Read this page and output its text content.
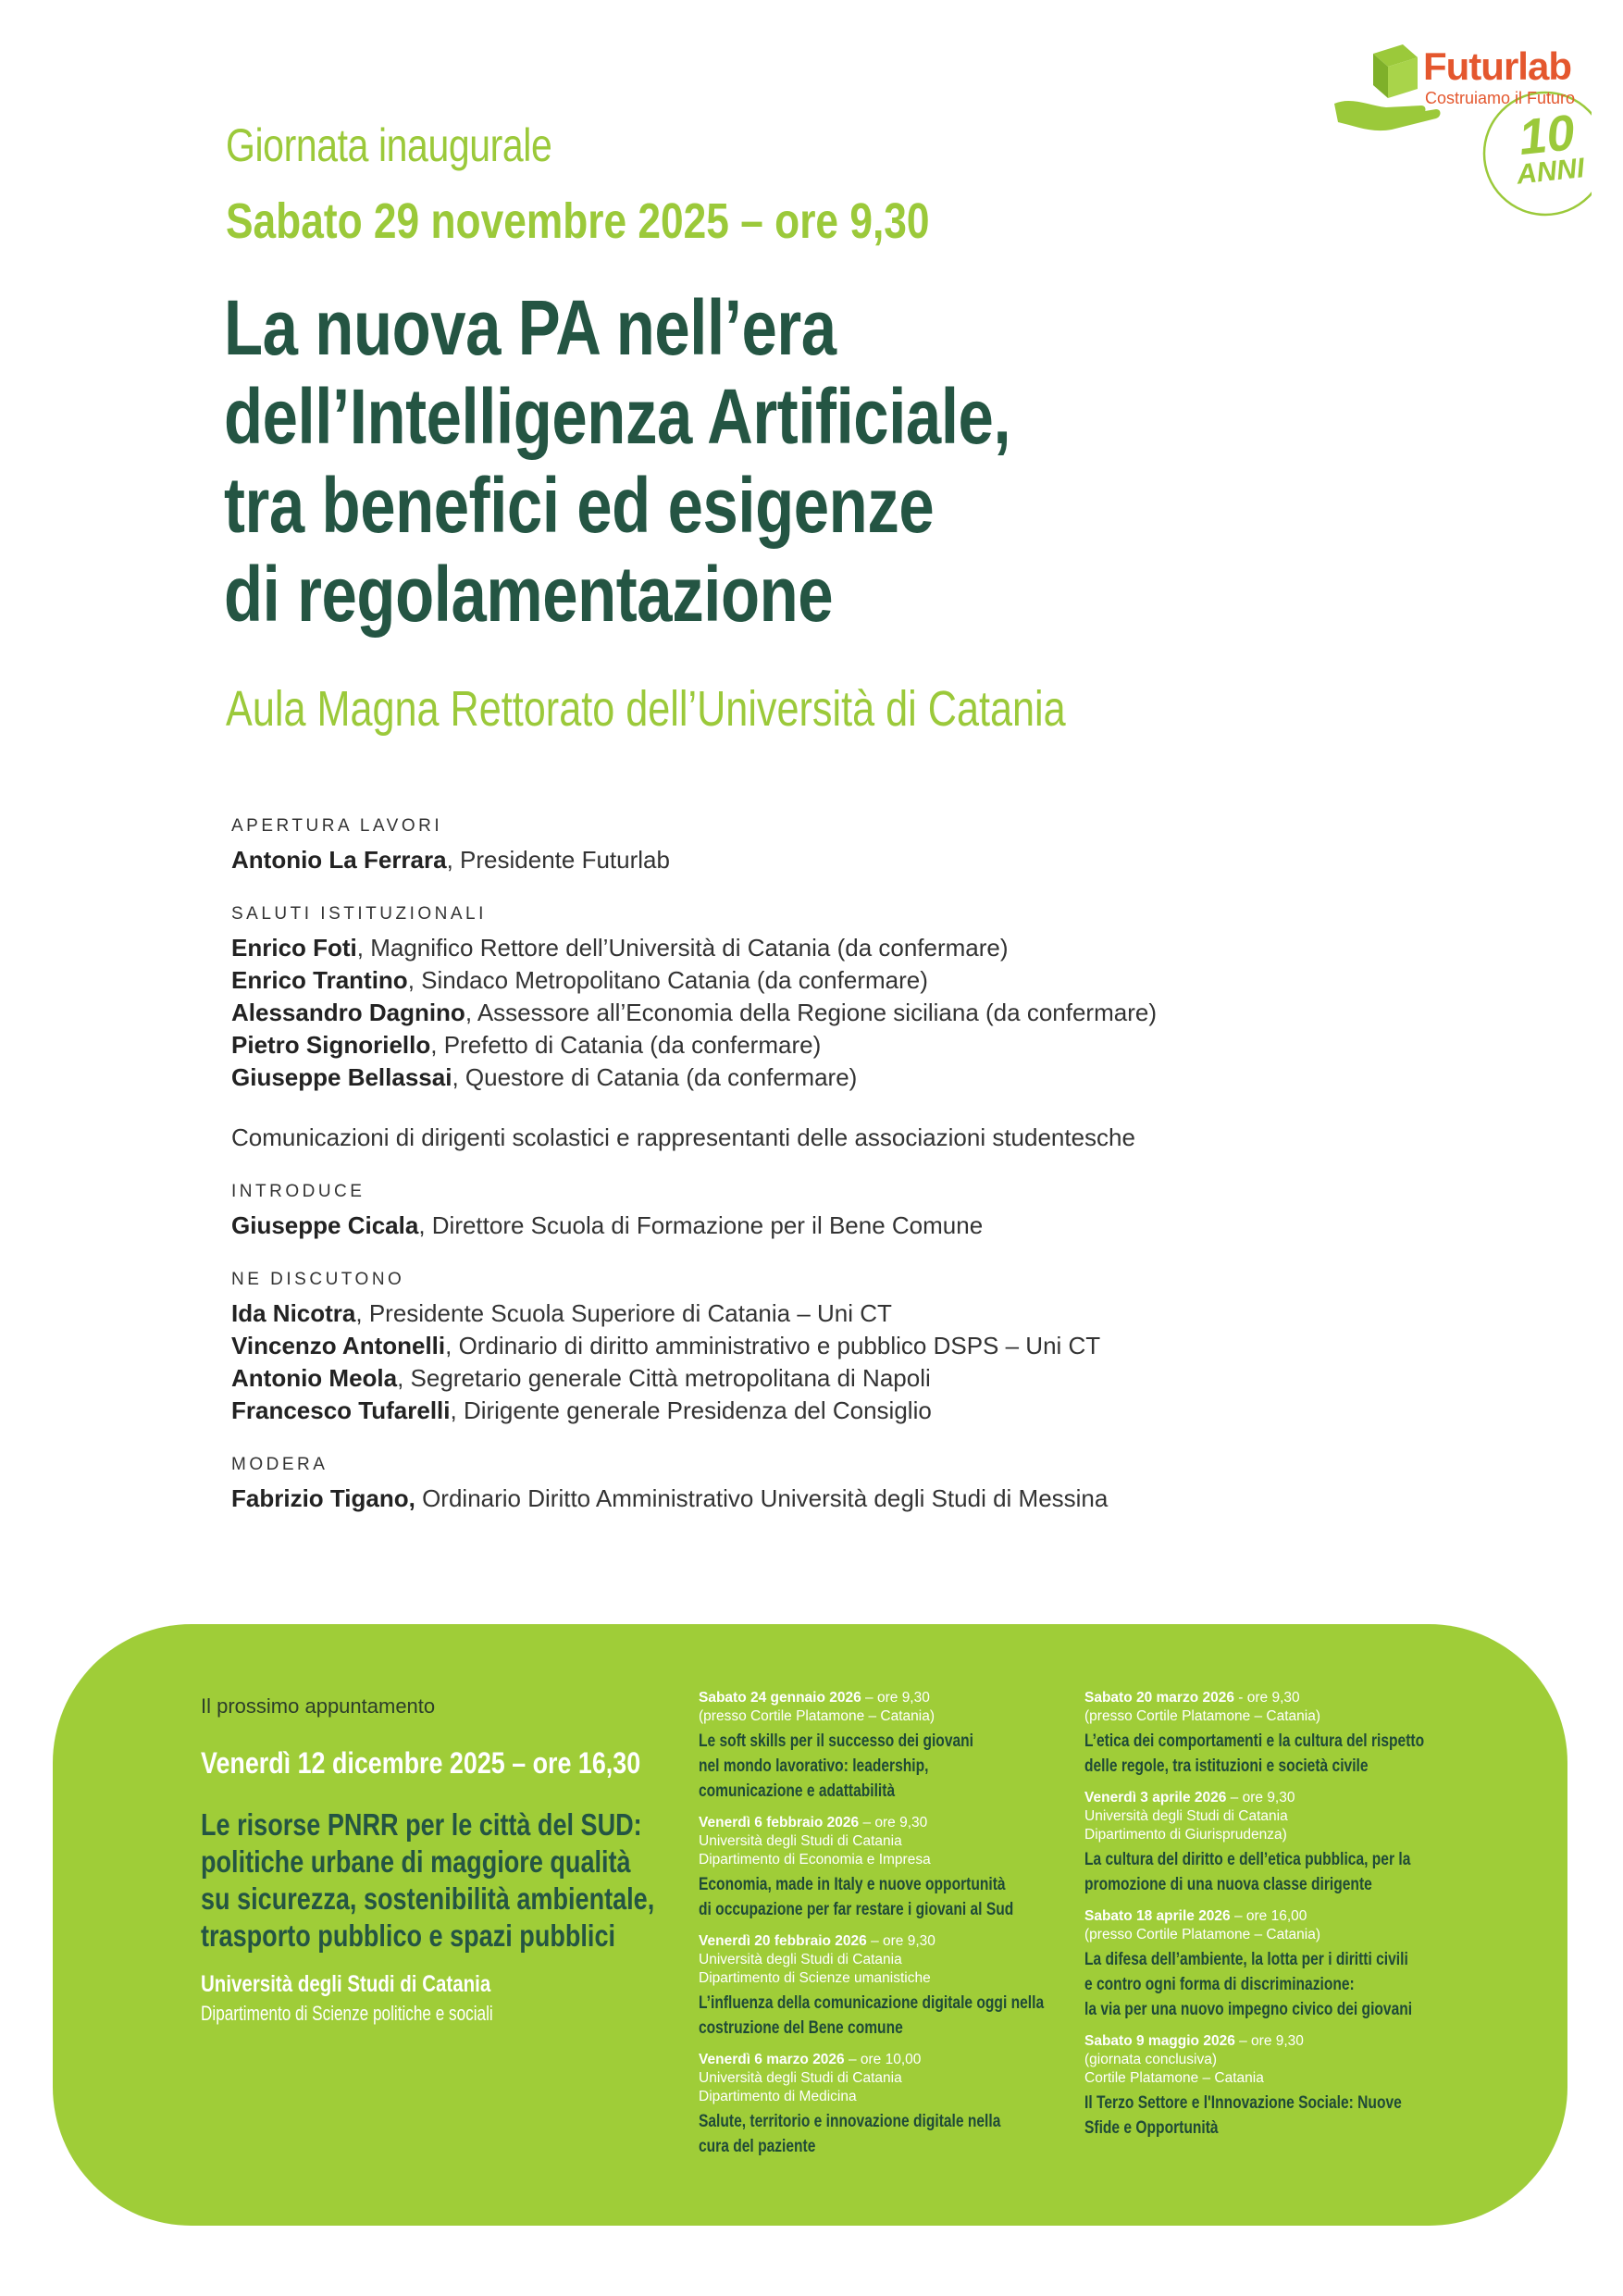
Futurlab
Costruiamo il Futuro
10
ANNI
Giornata inaugurale
Sabato 29 novembre 2025 – ore 9,30
La nuova PA nell’era
dell’Intelligenza Artificiale,
tra benefici ed esigenze
di regolamentazione
Aula Magna Rettorato dell’Università di Catania
APERTURA LAVORI
Antonio La Ferrara, Presidente Futurlab
SALUTI ISTITUZIONALI
Enrico Foti, Magnifico Rettore dell’Università di Catania (da confermare)
Enrico Trantino, Sindaco Metropolitano Catania (da confermare)
Alessandro Dagnino, Assessore all’Economia della Regione siciliana (da confermare)
Pietro Signoriello, Prefetto di Catania (da confermare)
Giuseppe Bellassai, Questore di Catania (da confermare)
Comunicazioni di dirigenti scolastici e rappresentanti delle associazioni studentesche
INTRODUCE
Giuseppe Cicala, Direttore Scuola di Formazione per il Bene Comune
NE DISCUTONO
Ida Nicotra, Presidente Scuola Superiore di Catania – Uni CT
Vincenzo Antonelli, Ordinario di diritto amministrativo e pubblico DSPS – Uni CT
Antonio Meola, Segretario generale Città metropolitana di Napoli
Francesco Tufarelli, Dirigente generale Presidenza del Consiglio
MODERA
Fabrizio Tigano, Ordinario Diritto Amministrativo Università degli Studi di Messina
Il prossimo appuntamento
Venerdì 12 dicembre 2025 – ore 16,30
Le risorse PNRR per le città del SUD:
politiche urbane di maggiore qualità
su sicurezza, sostenibilità ambientale,
trasporto pubblico e spazi pubblici
Università degli Studi di Catania
Dipartimento di Scienze politiche e sociali
Sabato 24 gennaio 2026 – ore 9,30
(presso Cortile Platamone – Catania)
Le soft skills per il successo dei giovani
nel mondo lavorativo: leadership,
comunicazione e adattabilità
Venerdì 6 febbraio 2026 – ore 9,30
Università degli Studi di Catania
Dipartimento di Economia e Impresa
Economia, made in Italy e nuove opportunità
di occupazione per far restare i giovani al Sud
Venerdì 20 febbraio 2026 – ore 9,30
Università degli Studi di Catania
Dipartimento di Scienze umanistiche
L’influenza della comunicazione digitale oggi nella
costruzione del Bene comune
Venerdì 6 marzo 2026 – ore 10,00
Università degli Studi di Catania
Dipartimento di Medicina
Salute, territorio e innovazione digitale nella
cura del paziente
Sabato 20 marzo 2026 - ore 9,30
(presso Cortile Platamone – Catania)
L’etica dei comportamenti e la cultura del rispetto
delle regole, tra istituzioni e società civile
Venerdì 3 aprile 2026 – ore 9,30
Università degli Studi di Catania
Dipartimento di Giurisprudenza)
La cultura del diritto e dell’etica pubblica, per la
promozione di una nuova classe dirigente
Sabato 18 aprile 2026 – ore 16,00
(presso Cortile Platamone – Catania)
La difesa dell’ambiente, la lotta per i diritti civili
e contro ogni forma di discriminazione:
la via per una nuovo impegno civico dei giovani
Sabato 9 maggio 2026 – ore 9,30
(giornata conclusiva)
Cortile Platamone – Catania
Il Terzo Settore e l'Innovazione Sociale: Nuove
Sfide e Opportunità
